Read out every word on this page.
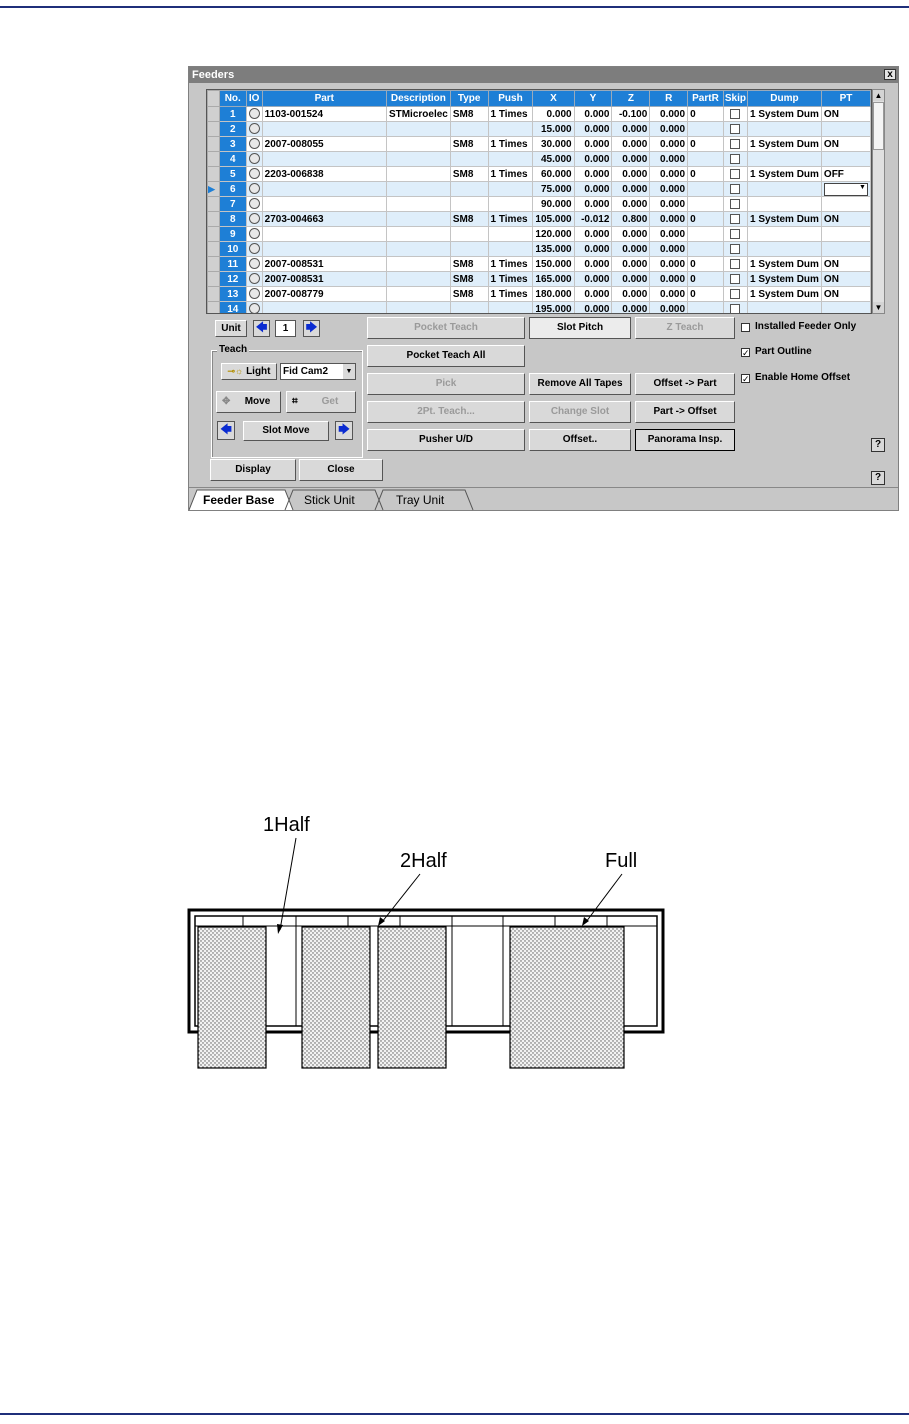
Feeders	x
	No.	IO	Part	Description	Type	Push	X	Y	Z	R	PartR	Skip	Dump	PT
	1		1103-001524	STMicroelec	SM8	1 Times	0.000	0.000	-0.100	0.000	0		1 System Dum	ON
	2						15.000	0.000	0.000	0.000				
	3		2007-008055		SM8	1 Times	30.000	0.000	0.000	0.000	0		1 System Dum	ON
	4						45.000	0.000	0.000	0.000				
	5		2203-006838		SM8	1 Times	60.000	0.000	0.000	0.000	0		1 System Dum	OFF
▶	6						75.000	0.000	0.000	0.000				▼
	7						90.000	0.000	0.000	0.000				
	8		2703-004663		SM8	1 Times	105.000	-0.012	0.800	0.000	0		1 System Dum	ON
	9						120.000	0.000	0.000	0.000				
	10						135.000	0.000	0.000	0.000				
	11		2007-008531		SM8	1 Times	150.000	0.000	0.000	0.000	0		1 System Dum	ON
	12		2007-008531		SM8	1 Times	165.000	0.000	0.000	0.000	0		1 System Dum	ON
	13		2007-008779		SM8	1 Times	180.000	0.000	0.000	0.000	0		1 System Dum	ON
	14						195.000	0.000	0.000	0.000				
▲
▼
Unit	🡄	1	🡆
Teach
⊸☼ Light	Fid Cam2	▼
✥ Move	⌗ Get
🡄	Slot Move	🡆
Pocket Teach	Slot Pitch	Z Teach
Pocket Teach All
Pick	Remove All Tapes	Offset -> Part
2Pt. Teach...	Change Slot	Part -> Offset
Pusher U/D	Offset..	Panorama Insp.
Installed Feeder Only
✓ Part Outline
✓ Enable Home Offset
?
?
Display	Close
Feeder Base Stick Unit	Tray Unit
1Half
2Half	Full
